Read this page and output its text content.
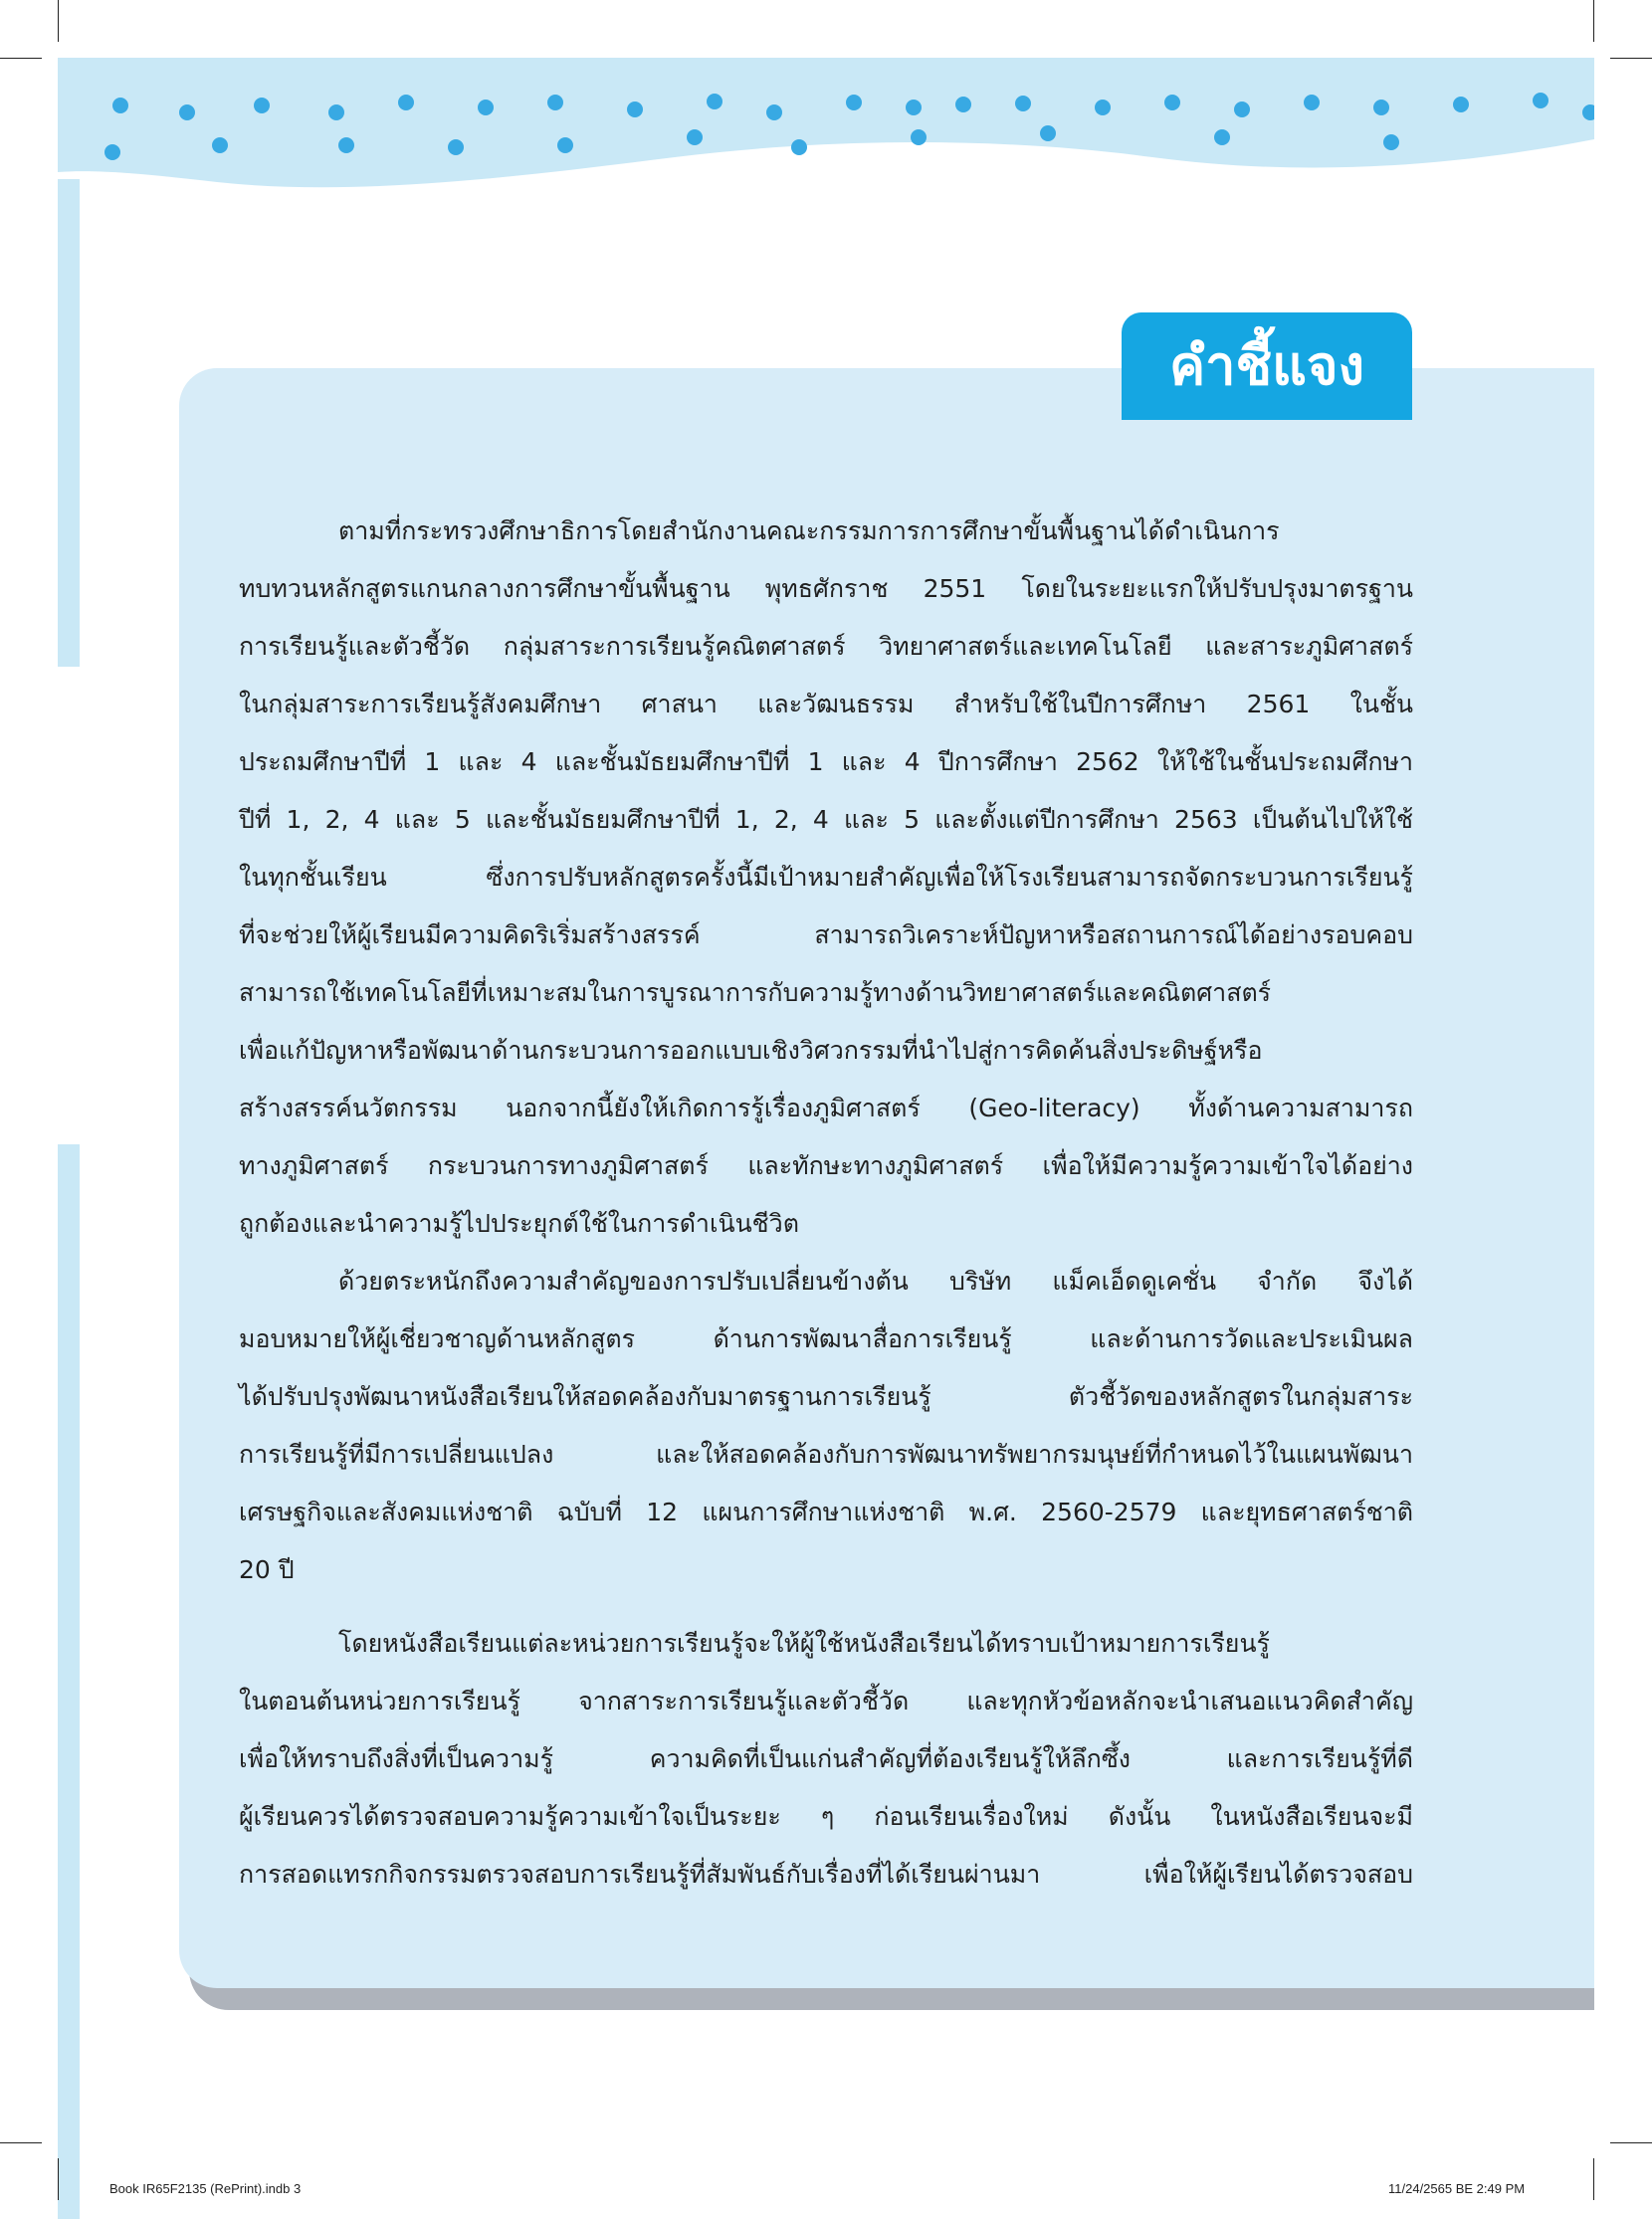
คำชี้แจง
ตามที่กระทรวงศึกษาธิการโดยสำนักงานคณะกรรมการการศึกษาขั้นพื้นฐานได้ดำเนินการ
ทบทวนหลักสูตรแกนกลางการศึกษาขั้นพื้นฐาน พุทธศักราช 2551 โดยในระยะแรกให้ปรับปรุงมาตรฐาน
การเรียนรู้และตัวชี้วัด กลุ่มสาระการเรียนรู้คณิตศาสตร์ วิทยาศาสตร์และเทคโนโลยี และสาระภูมิศาสตร์
ในกลุ่มสาระการเรียนรู้สังคมศึกษา ศาสนา และวัฒนธรรม สำหรับใช้ในปีการศึกษา 2561 ในชั้น
ประถมศึกษาปีที่ 1 และ 4 และชั้นมัธยมศึกษาปีที่ 1 และ 4 ปีการศึกษา 2562 ให้ใช้ในชั้นประถมศึกษา
ปีที่ 1, 2, 4 และ 5 และชั้นมัธยมศึกษาปีที่ 1, 2, 4 และ 5 และตั้งแต่ปีการศึกษา 2563 เป็นต้นไปให้ใช้
ในทุกชั้นเรียน ซึ่งการปรับหลักสูตรครั้งนี้มีเป้าหมายสำคัญเพื่อให้โรงเรียนสามารถจัดกระบวนการเรียนรู้
ที่จะช่วยให้ผู้เรียนมีความคิดริเริ่มสร้างสรรค์ สามารถวิเคราะห์ปัญหาหรือสถานการณ์ได้อย่างรอบคอบ
สามารถใช้เทคโนโลยีที่เหมาะสมในการบูรณาการกับความรู้ทางด้านวิทยาศาสตร์และคณิตศาสตร์
เพื่อแก้ปัญหาหรือพัฒนาด้านกระบวนการออกแบบเชิงวิศวกรรมที่นำไปสู่การคิดค้นสิ่งประดิษฐ์หรือ
สร้างสรรค์นวัตกรรม นอกจากนี้ยังให้เกิดการรู้เรื่องภูมิศาสตร์ (Geo-literacy) ทั้งด้านความสามารถ
ทางภูมิศาสตร์ กระบวนการทางภูมิศาสตร์ และทักษะทางภูมิศาสตร์ เพื่อให้มีความรู้ความเข้าใจได้อย่าง
ถูกต้องและนำความรู้ไปประยุกต์ใช้ในการดำเนินชีวิต
ด้วยตระหนักถึงความสำคัญของการปรับเปลี่ยนข้างต้น บริษัท แม็คเอ็ดดูเคชั่น จำกัด จึงได้
มอบหมายให้ผู้เชี่ยวชาญด้านหลักสูตร ด้านการพัฒนาสื่อการเรียนรู้ และด้านการวัดและประเมินผล
ได้ปรับปรุงพัฒนาหนังสือเรียนให้สอดคล้องกับมาตรฐานการเรียนรู้ ตัวชี้วัดของหลักสูตรในกลุ่มสาระ
การเรียนรู้ที่มีการเปลี่ยนแปลง และให้สอดคล้องกับการพัฒนาทรัพยากรมนุษย์ที่กำหนดไว้ในแผนพัฒนา
เศรษฐกิจและสังคมแห่งชาติ ฉบับที่ 12 แผนการศึกษาแห่งชาติ พ.ศ. 2560-2579 และยุทธศาสตร์ชาติ
20 ปี
โดยหนังสือเรียนแต่ละหน่วยการเรียนรู้จะให้ผู้ใช้หนังสือเรียนได้ทราบเป้าหมายการเรียนรู้
ในตอนต้นหน่วยการเรียนรู้ จากสาระการเรียนรู้และตัวชี้วัด และทุกหัวข้อหลักจะนำเสนอแนวคิดสำคัญ
เพื่อให้ทราบถึงสิ่งที่เป็นความรู้ ความคิดที่เป็นแก่นสำคัญที่ต้องเรียนรู้ให้ลึกซึ้ง และการเรียนรู้ที่ดี
ผู้เรียนควรได้ตรวจสอบความรู้ความเข้าใจเป็นระยะ ๆ ก่อนเรียนเรื่องใหม่ ดังนั้น ในหนังสือเรียนจะมี
การสอดแทรกกิจกรรมตรวจสอบการเรียนรู้ที่สัมพันธ์กับเรื่องที่ได้เรียนผ่านมา เพื่อให้ผู้เรียนได้ตรวจสอบ
Book IR65F2135 (RePrint).indb 3	11/24/2565 BE 2:49 PM
